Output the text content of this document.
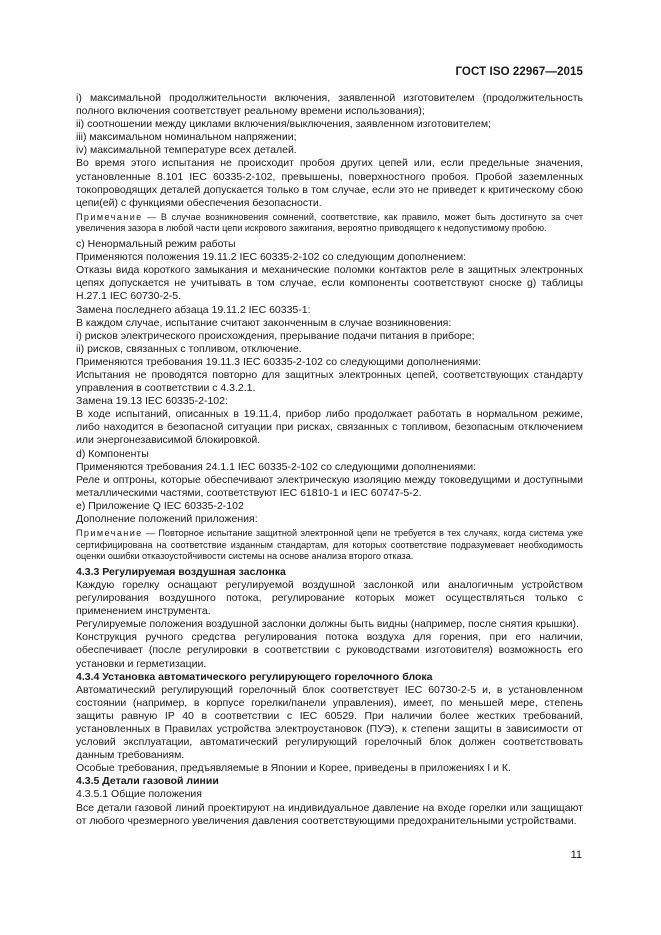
ГОСТ ISO 22967—2015

i) максимальной продолжительности включения, заявленной изготовителем (продолжительность полного включения соответствует реальному времени использования);

ii) соотношении между циклами включения/выключения, заявленном изготовителем;

iii) максимальном номинальном напряжении;

iv) максимальной температуре всех деталей.

Во время этого испытания не происходит пробоя других цепей или, если предельные значения, установленные 8.101 IEC 60335-2-102, превышены, поверхностного пробоя. Пробой заземленных токопроводящих деталей допускается только в том случае, если это не приведет к критическому сбою цепи(ей) с функциями обеспечения безопасности.

Примечание — В случае возникновения сомнений, соответствие, как правило, может быть достигнуто за счет увеличения зазора в любой части цепи искрового зажигания, вероятно приводящего к недопустимому пробою.

с) Ненормальный режим работы

Применяются положения 19.11.2 IEC 60335-2-102 со следующим дополнением:

Отказы вида короткого замыкания и механические поломки контактов реле в защитных электронных цепях допускается не учитывать в том случае, если компоненты соответствуют сноске g) таблицы Н.27.1 IEC 60730-2-5.

Замена последнего абзаца 19.11.2 IEC 60335-1:

В каждом случае, испытание считают законченным в случае возникновения:

i) рисков электрического происхождения, прерывание подачи питания в приборе;

ii) рисков, связанных с топливом, отключение.

Применяются требования 19.11.3 IEC 60335-2-102 со следующими дополнениями:

Испытания не проводятся повторно для защитных электронных цепей, соответствующих стандарту управления в соответствии с 4.3.2.1.

Замена 19.13 IEC 60335-2-102:

В ходе испытаний, описанных в 19.11.4, прибор либо продолжает работать в нормальном режиме, либо находится в безопасной ситуации при рисках, связанных с топливом, безопасным отключением или энергонезависимой блокировкой.

d) Компоненты

Применяются требования 24.1.1 IEC 60335-2-102 со следующими дополнениями:

Реле и оптроны, которые обеспечивают электрическую изоляцию между токоведущими и доступными металлическими частями, соответствуют IEC 61810-1 и IEC 60747-5-2.

е) Приложение Q IEC 60335-2-102

Дополнение положений приложения:

Примечание — Повторное испытание защитной электронной цепи не требуется в тех случаях, когда система уже сертифицирована на соответствие изданным стандартам, для которых соответствие подразумевает необходимость оценки ошибки отказоустойчивости системы на основе анализа второго отказа.

4.3.3 Регулируемая воздушная заслонка

Каждую горелку оснащают регулируемой воздушной заслонкой или аналогичным устройством регулирования воздушного потока, регулирование которых может осуществляться только с применением инструмента.

Регулируемые положения воздушной заслонки должны быть видны (например, после снятия крышки).

Конструкция ручного средства регулирования потока воздуха для горения, при его наличии, обеспечивает (после регулировки в соответствии с руководствами изготовителя) возможность его установки и герметизации.

4.3.4 Установка автоматического регулирующего горелочного блока

Автоматический регулирующий горелочный блок соответствует IEC 60730-2-5 и, в установленном состоянии (например, в корпусе горелки/панели управления), имеет, по меньшей мере, степень защиты равную IP 40 в соответствии с IEC 60529. При наличии более жестких требований, установленных в Правилах устройства электроустановок (ПУЭ), к степени защиты в зависимости от условий эксплуатации, автоматический регулирующий горелочный блок должен соответствовать данным требованиям.

Особые требования, предъявляемые в Японии и Корее, приведены в приложениях I и К.

4.3.5 Детали газовой линии

4.3.5.1 Общие положения

Все детали газовой линий проектируют на индивидуальное давление на входе горелки или защищают от любого чрезмерного увеличения давления соответствующими предохранительными устройствами.

11
